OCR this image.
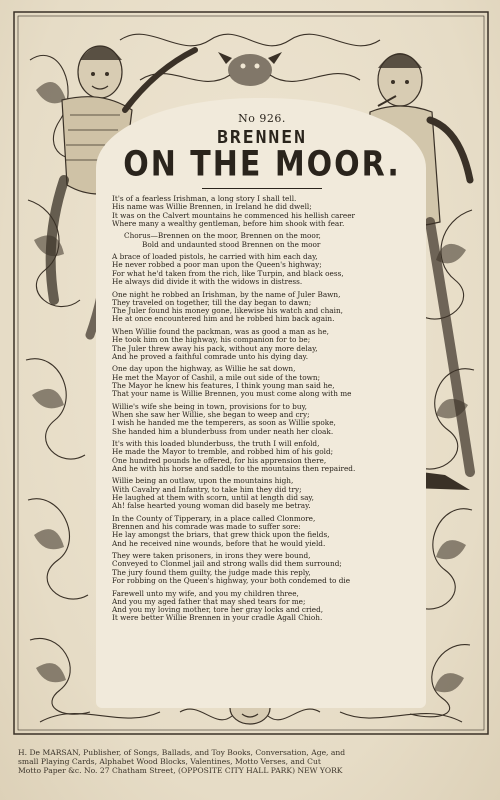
No 926.
BRENNEN
ON THE MOOR.
It's of a fearless Irishman, a long story I shall tell.
His name was Willie Brennen, in Ireland he did dwell;
It was on the Calvert mountains he commenced his hellish career
Where many a wealthy gentleman, before him shook with fear.
Chorus—Brennen on the moor, Brennen on the moor,
Bold and undaunted stood Brennen on the moor
A brace of loaded pistols, he carried with him each day,
He never robbed a poor man upon the Queen's highway;
For what he'd taken from the rich, like Turpin, and black oess,
He always did divide it with the widows in distress.
One night he robbed an Irishman, by the name of Juler Bawn,
They traveled on together, till the day began to dawn;
The Juler found his money gone, likewise his watch and chain,
He at once encountered him and he robbed him back again.
When Willie found the packman, was as good a man as he,
He took him on the highway, his companion for to be;
The Juler threw away his pack, without any more delay,
And he proved a faithful comrade unto his dying day.
One day upon the highway, as Willie he sat down,
He met the Mayor of Cashil, a mile out side of the town;
The Mayor he knew his features, I think young man said he,
That your name is Willie Brennen, you must come along with me
Willie's wife she being in town, provisions for to buy,
When she saw her Willie, she began to weep and cry;
I wish he handed me the temperers, as soon as Willie spoke,
She handed him a blunderbuss from under neath her cloak.
It's with this loaded blunderbuss, the truth I will enfold,
He made the Mayor to tremble, and robbed him of his gold;
One hundred pounds he offered, for his apprension there,
And he with his horse and saddle to the mountains then repaired.
Willie being an outlaw, upon the mountains high,
With Cavalry and Infantry, to take him they did try;
He laughed at them with scorn, until at length did say,
Ah! false hearted young woman did basely me betray.
In the County of Tipperary, in a place called Clonmore,
Brennen and his comrade was made to suffer sore:
He lay amongst the briars, that grew thick upon the fields,
And he received nine wounds, before that he would yield.
They were taken prisoners, in irons they were bound,
Conveyed to Clonmel jail and strong walls did them surround;
The jury found them guilty, the judge made this reply,
For robbing on the Queen's highway, your both condemed to die
Farewell unto my wife, and you my children three,
And you my aged father that may shed tears for me;
And you my loving mother, tore her gray locks and cried,
It were better Willie Brennen in your cradle Agall Chioh.
H. De MARSAN, Publisher, of Songs, Ballads, and Toy Books, Conversation, Age, and
small Playing Cards, Alphabet Wood Blocks, Valentines, Motto Verses, and Cut
Motto Paper &c. No. 27 Chatham Street, (OPPOSITE CITY HALL PARK) NEW YORK
